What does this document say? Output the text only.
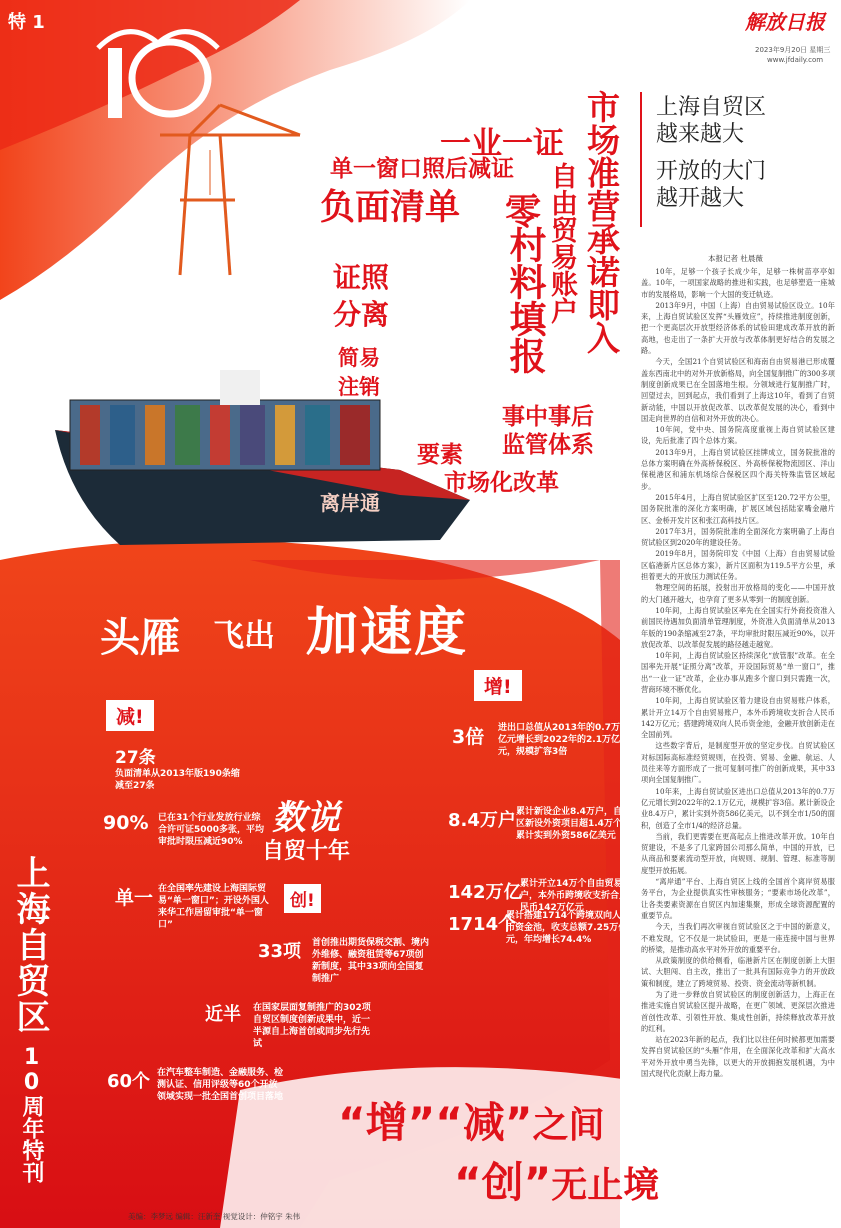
特 1	解放日报
2023年9月20日 星期三
www.jfdaily.com
上海自贸区
越来越大
开放的大门
越开越大
本报记者 杜晨薇

10年，足够一个孩子长成少年，足够一株树苗亭亭如盖。10年，一项国家战略的推进和实践，也足够塑造一座城市的发展格局，影响一个大国的变迁轨迹。

2013年9月，中国（上海）自由贸易试验区设立。10年来，上海自贸试验区发挥“头雁效应”，持续推进制度创新，把一个更高层次开放型经济体系的试验田建成改革开放的新高地，也走出了一条扩大开放与改革体制更好结合的发展之路。

今天，全国21个自贸试验区和海南自由贸易港已形成覆盖东西南北中的对外开放新格局，向全国复制推广的300多项制度创新成果已在全国落地生根。分领域进行复制推广时，回望过去，回到起点，我们看到了上海这10年，看到了自贸新动能，中国以开放促改革、以改革促发展的决心，看到中国走向世界的自信和对外开放的决心。

10年间，党中央、国务院高度重视上海自贸试验区建设，先后批准了四个总体方案。

2013年9月，上海自贸试验区挂牌成立，国务院批准的总体方案明确在外高桥保税区、外高桥保税物流园区、洋山保税港区和浦东机场综合保税区四个海关特殊监管区域起步。

2015年4月，上海自贸试验区扩区至120.72平方公里，国务院批准的深化方案明确，扩展区域包括陆家嘴金融片区、金桥开发片区和张江高科技片区。

2017年3月，国务院批准的全面深化方案明确了上海自贸试验区到2020年的建设任务。

2019年8月，国务院印发《中国（上海）自由贸易试验区临港新片区总体方案》，新片区面积为119.5平方公里，承担着更大的开放压力测试任务。

物理空间的拓展，投射出开放格局的变化——中国开放的大门越开越大，也孕育了更多从零到一的制度创新。

10年间，上海自贸试验区率先在全国实行外商投资准入前国民待遇加负面清单管理制度，外资准入负面清单从2013年版的190条缩减至27条，平均审批时限压减近90%，以开放促改革、以改革促发展的路径越走越宽。

10年间，上海自贸试验区持续深化“放管服”改革。在全国率先开展“证照分离”改革，开设国际贸易“单一窗口”，推出“一业一证”改革，企业办事从跑多个窗口到只需跑一次，营商环境不断优化。

10年间，上海自贸试验区着力建设自由贸易账户体系，累计开立14万个自由贸易账户，本外币跨境收支折合人民币142万亿元；搭建跨境双向人民币资金池，金融开放创新走在全国前列。

这些数字背后，是制度型开放的坚定步伐。自贸试验区对标国际高标准经贸规则，在投资、贸易、金融、航运、人员往来等方面形成了一批可复制可推广的创新成果，其中33项向全国复制推广。

10年来，上海自贸试验区进出口总值从2013年的0.7万亿元增长到2022年的2.1万亿元，规模扩容3倍。累计新设企业8.4万户，累计实到外资586亿美元，以不到全市1/50的面积，创造了全市1/4的经济总量。

当前，我们更需要在更高起点上推进改革开放。10年自贸建设，不是多了几家跨国公司那么简单，中国的开放，已从商品和要素流动型开放，向规则、规制、管理、标准等制度型开放拓展。

“离岸通”平台、上海自贸区上线的全国首个离岸贸易服务平台，为企业提供真实性审核服务；“要素市场化改革”，让各类要素资源在自贸区内加速集聚，形成全球资源配置的重要节点。

今天，当我们再次审视自贸试验区之于中国的新意义，不难发现，它不仅是一块试验田，更是一座连接中国与世界的桥梁，是推动高水平对外开放的重要平台。

从政策制度的供给侧看，临港新片区在制度创新上大胆试、大胆闯、自主改，推出了一批具有国际竞争力的开放政策和制度，建立了跨境贸易、投资、资金流动等新机制。

为了进一步释放自贸试验区的制度创新活力，上海正在推进实施自贸试验区提升战略，在更广领域、更深层次推进首创性改革、引领性开放、集成性创新，持续释放改革开放的红利。

站在2023年新的起点，我们比以往任何时候都更加需要发挥自贸试验区的“头雁”作用，在全面深化改革和扩大高水平对外开放中勇当先锋，以更大的开放拥抱发展机遇，为中国式现代化贡献上海力量。

一业一证 市场准营承诺即入
单一窗口照后减证
负面清单	自由贸易账户
零
村料填报
证照
分离
简易
注销
事中事后
监管体系
要素
市场化改革
离岸通
头雁 飞出 加速度
上海自贸区
10周年特刊
减!
增!
创!
数说
自贸十年
27条
负面清单从2013年版190条缩减至27条
90% 已在31个行业发放行业综合许可证5000多张，平均审批时限压减近90%
单一 在全国率先建设上海国际贸易“单一窗口”；开设外国人来华工作居留审批“单一窗口”
3倍 进出口总值从2013年的0.7万亿元增长到2022年的2.1万亿元，规模扩容3倍
8.4万户 累计新设企业8.4万户，自贸区新设外资项目超1.4万个，累计实到外资586亿美元
142万亿
累计开立14万个自由贸易账户，本外币跨境收支折合人民币142万亿元
1714个
累计搭建1714个跨境双向人民币资金池，收支总额7.25万亿元，年均增长74.4%
33项 首创推出期货保税交割、境内外维修、融资租赁等67项创新制度，其中33项向全国复制推广
近半 在国家层面复制推广的302项自贸区制度创新成果中，近一半源自上海首创或同步先行先试
60个 在汽车整车制造、金融服务、检测认证、信用评级等60个开放领域实现一批全国首创项目落地
“增”“减”之间
“创”无止境
美编：李梦远 编辑：汪新奎 视觉设计：仲铭宇 朱伟
